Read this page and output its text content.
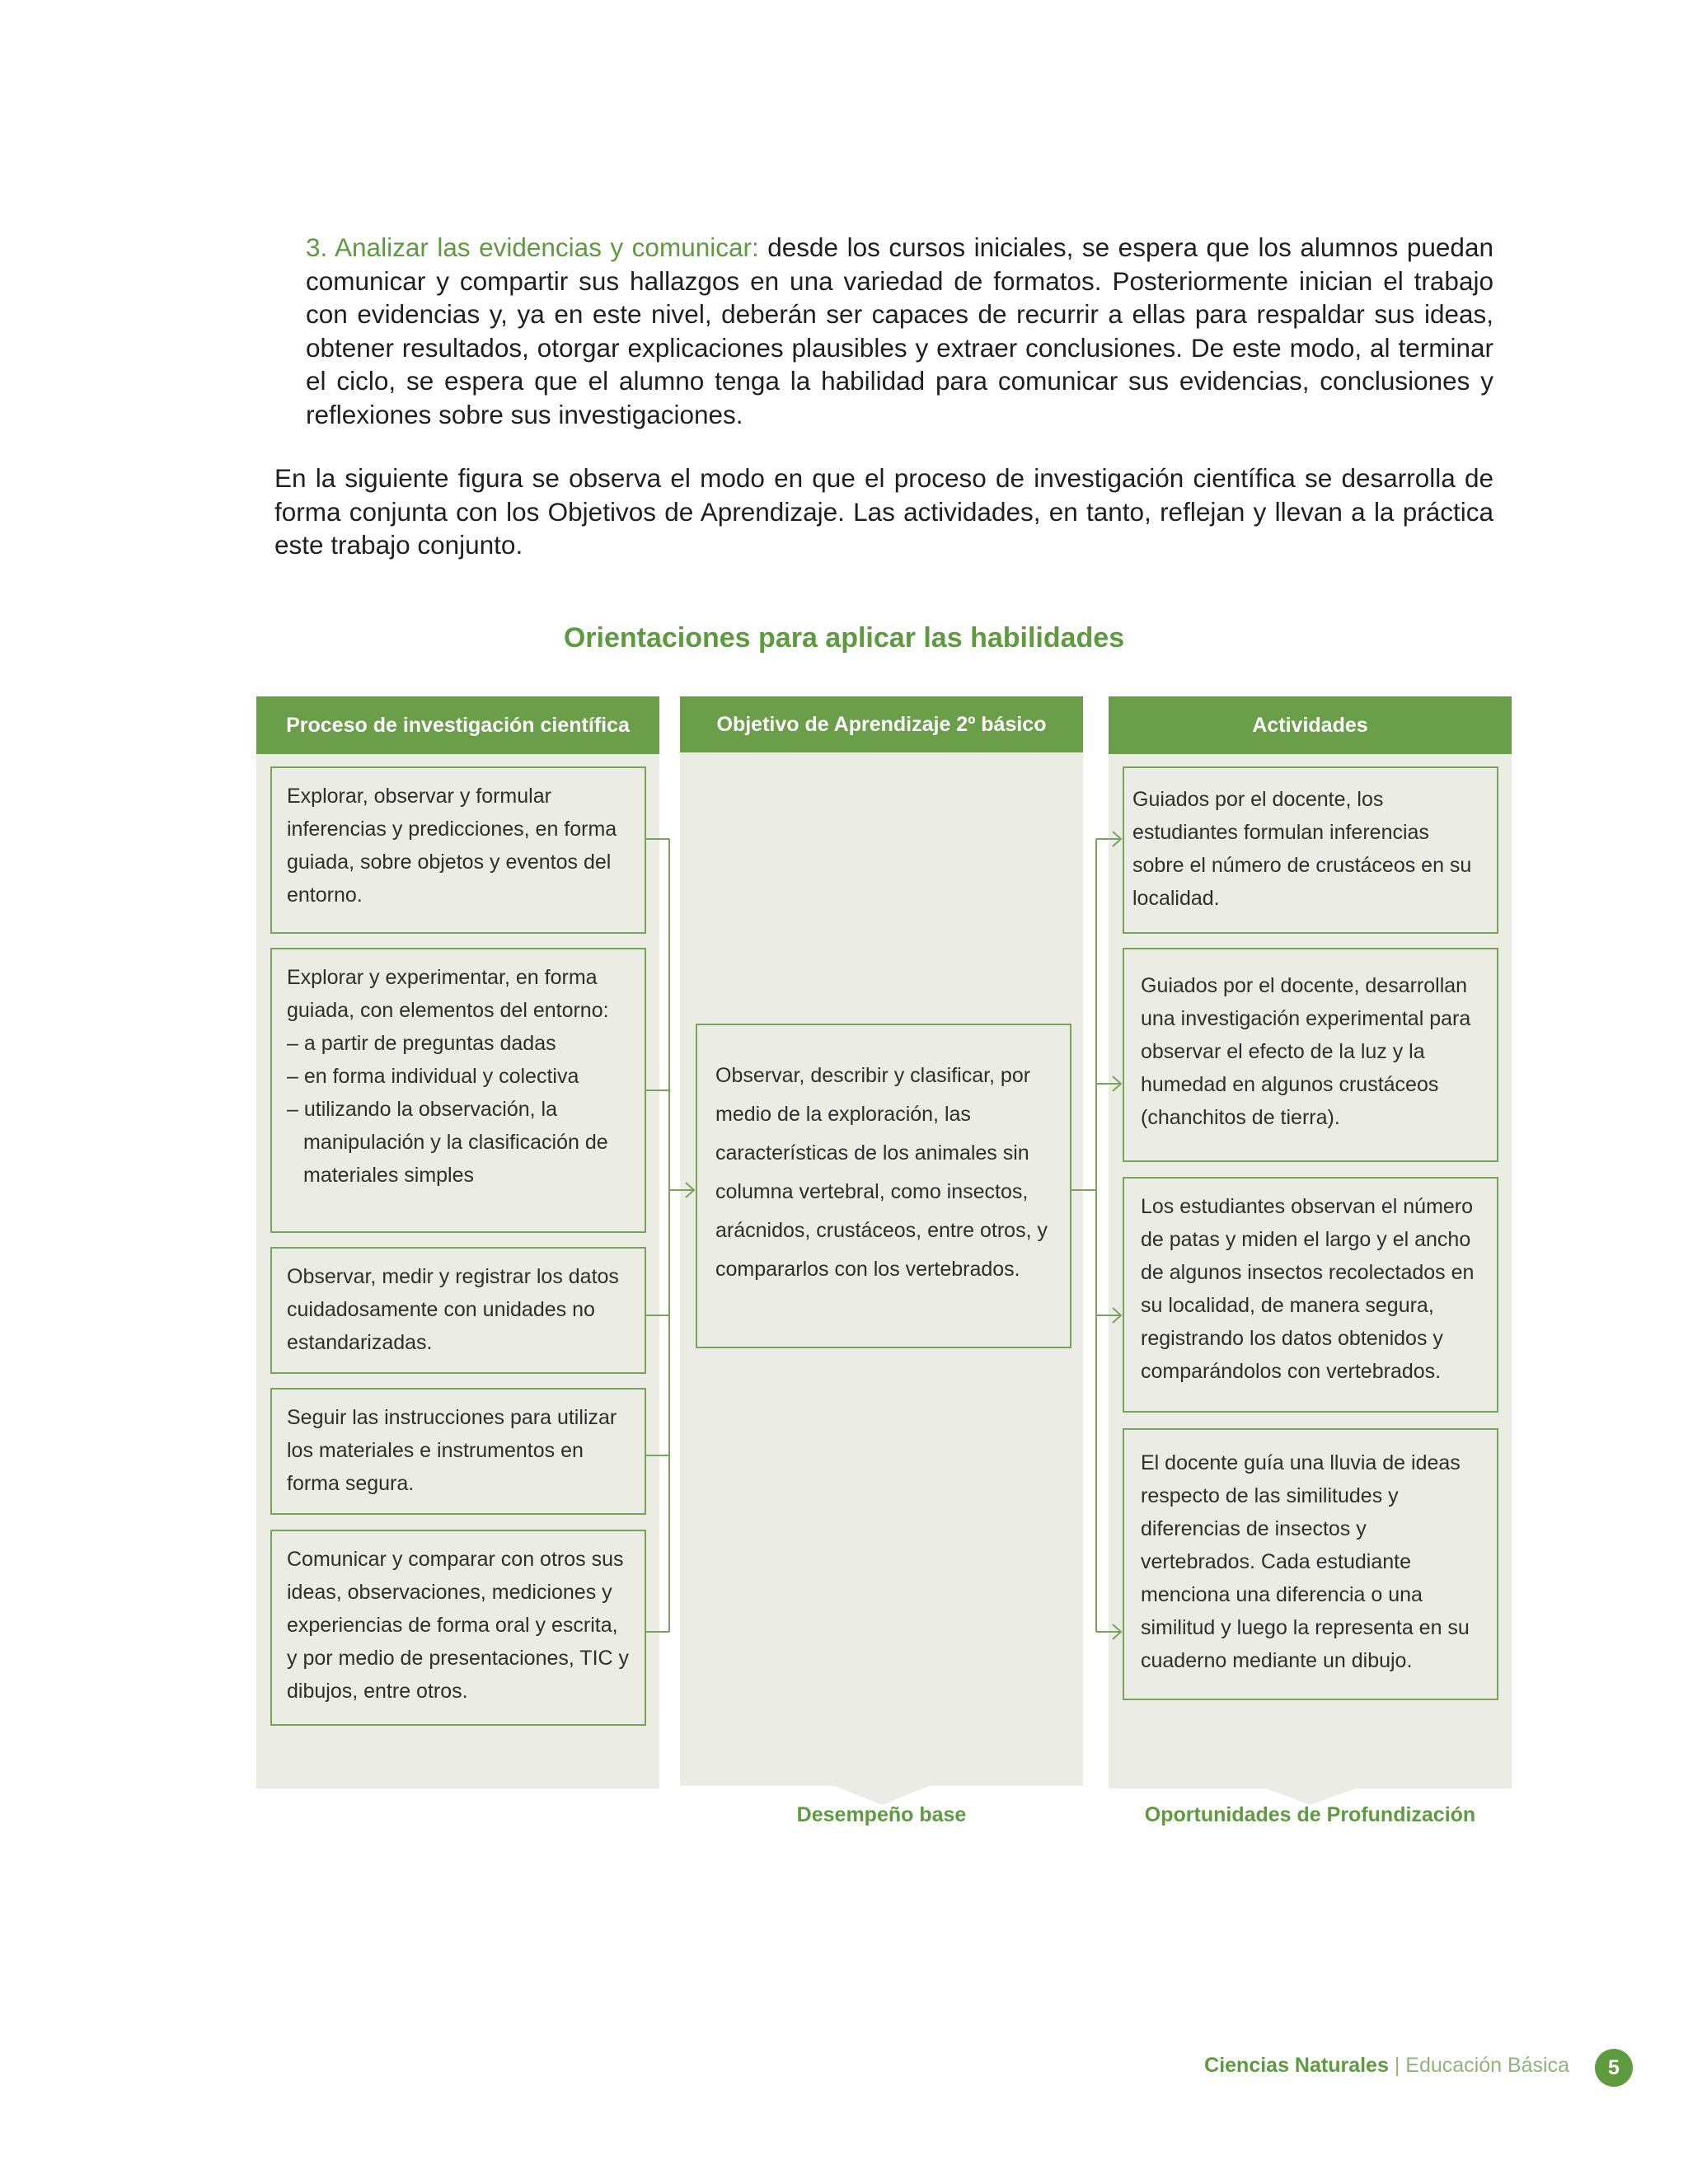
3. Analizar las evidencias y comunicar: desde los cursos iniciales, se espera que los alumnos puedan comunicar y compartir sus hallazgos en una variedad de formatos. Posteriormente inician el trabajo con evidencias y, ya en este nivel, deberán ser capaces de recurrir a ellas para respaldar sus ideas, obtener resultados, otorgar explicaciones plausibles y extraer conclusiones. De este modo, al terminar el ciclo, se espera que el alumno tenga la habilidad para comunicar sus evidencias, conclusiones y reflexiones sobre sus investigaciones.

En la siguiente figura se observa el modo en que el proceso de investigación científica se desarrolla de forma conjunta con los Objetivos de Aprendizaje. Las actividades, en tanto, reflejan y llevan a la práctica este trabajo conjunto.

Orientaciones para aplicar las habilidades
Proceso de investigación científica	Objetivo de Aprendizaje 2º básico	Actividades
Explorar, observar y formular inferencias y predicciones, en forma guiada, sobre objetos y eventos del entorno.
Explorar y experimentar, en forma guiada, con elementos del entorno:
– a partir de preguntas dadas
– en forma individual y colectiva
– utilizando la observación, la manipulación y la clasificación de materiales simples
Observar, medir y registrar los datos cuidadosamente con unidades no estandarizadas.
Seguir las instrucciones para utilizar los materiales e instrumentos en forma segura.
Comunicar y comparar con otros sus ideas, observaciones, mediciones y experiencias de forma oral y escrita, y por medio de presentaciones, TIC y dibujos, entre otros.
Observar, describir y clasificar, por medio de la exploración, las características de los animales sin columna vertebral, como insectos, arácnidos, crustáceos, entre otros, y compararlos con los vertebrados.
Guiados por el docente, los estudiantes formulan inferencias sobre el número de crustáceos en su localidad.
Guiados por el docente, desarrollan una investigación experimental para observar el efecto de la luz y la humedad en algunos crustáceos (chanchitos de tierra).
Los estudiantes observan el número de patas y miden el largo y el ancho de algunos insectos recolectados en su localidad, de manera segura, registrando los datos obtenidos y comparándolos con vertebrados.
El docente guía una lluvia de ideas respecto de las similitudes y diferencias de insectos y vertebrados. Cada estudiante menciona una diferencia o una similitud y luego la representa en su cuaderno mediante un dibujo.
Desempeño base	Oportunidades de Profundización
Ciencias Naturales | Educación Básica	5
